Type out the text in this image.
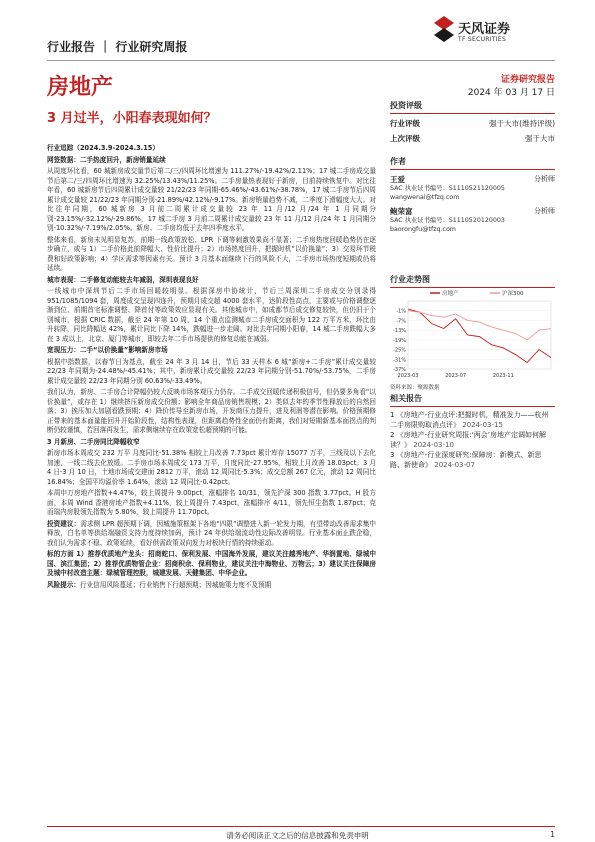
行业报告 ｜ 行业研究周报
天风证券
TF SECURITIES
房地产	证券研究报告
2024 年 03 月 17 日
3 月过半，小阳春表现如何？

行业追踪（2024.3.9-2024.3.15）

网签数据：二手热度回升，新房销量延续

从周度环比看，60 城新房成交量节后第二/三/四周环比增速为 111.27%/-19.42%/2.11%；17 城二手房成交量节后第二/三/四周环比增速为 32.25%/13.43%/11.25%。二手房量热表现好于新房，目前持续恢复中。对比往年看，60 城新房节后四周累计成交量较 21/22/23 年同期-65.46%/-43.61%/-38.78%，17 城二手房节后四周累计成交量较 21/22/23 年同期分别-21.89%/42.12%/-9.17%。新房销量趋势不减，二季度下滑幅度大大。对比往年同期，60 城新房 3 月前二周累计成交量较 23 年 11 月/12 月/24 年 1 月同期分别-23.15%/-32.12%/-29.86%，17 城二手房 3 月前二周累计成交量较 23 年 11 月/12 月/24 年 1 月同期分别-10.32%/-7.19%/2.05%。新房、二手房均低于去年四季度水平。

整体来看，新房未见明显复苏，前期一线政策放松、LPR 下调等刺激效果尚不显著；二手房热度回暖趋势仍在逐步确立，或与 1）二手价格此前降幅大、性价比提升；2）市场热度回升，把握时机“以价换量”；3）交易环节税费和好政策影响；4）学区需求等因素有关。预计 3 月基本面继续下行的风险不大，二手房市场热度短期或仍将延续。

城市表现：二手修复动能较去年减弱，深圳表现良好

一线城市中深圳节后二手市场回暖较明显。根据深房中协统计，节后三周深圳二手房成交分别录得 951/1085/1094 套，周度成交呈现四连升，预期月成交超 4000 套水平，达阶段性高点，主要或与价格调整逐渐到位、前期首宅标准调整、降首付等政策效应显现有关。其他城市中，如成都节后成交修复较快，但仍旧于个别城市，根据 CRIC 数据，截至 24 年第 10 周，14 个重点监测城市二手房成交面积为 122 万平方米，环比由升转降，同比降幅达 42%，累计同比下降 14%，跌幅进一步走阔。对比去年同期小阳春，14 城二手房跌幅大多在 3 成以上，北京、厦门等城市，即较去年二手市场提供的修复动能在减弱。

宽现压力：二手“以价换量”影响新房市场

根据中指数据，以春节日为基点，截至 24 年 3 月 14 日，节后 33 天样本 6 城“新房+二手房”累计成交量较 22/23 年同期为-24.48%/-45.41%；其中，新房累计成交量较 22/23 年同期分别-51.70%/-53.75%，二手房累计成交量较 22/23 年同期分别 60.63%/-33.49%。

我们认为，新房、二手房合计降幅仍较大反映市场客观压力仍存。二手成交回暖传递积极信号，但仍要多角看“以价换量”，或存在 1）继续挤压新房成交份额；影响全年商品房销售规模；2）类似去年的季节性释放后的自然回落；3）挨压加大加剧看跌预期；4）降价传导至新房市场，开发商压力提升，进及利润等潜在影响。价格预期修正带来的基本面量能回升开始阶段性，结构性表现，但距离趋势性全面仍有距离，我们对短期新基本面拐点的判断仍较谨慎，若回落再发生，需求侧继续存在政策宽松超预期的可能。

3 月新房、二手房同比降幅收窄

新房市场本周成交 232 万平 月度同比-51.38% 相较上月改善 7.73pct 累计库存 15077 万平，三线及以下去化加速，一线二线去化放缓。二手房市场本周成交 173 万平，月度同比-27.95%，相较上月改善 18.03pct。3 月 4 日-3 月 10 日，土地市场成交建面 2812 万平，滚动 12 周同比-5.3%；成交总额 267 亿元，滚动 12 周同比 16.84%；全国平均溢价率 1.64%，滚动 12 周同比-0.42pct。

本周申万房地产指数+4.47%，较上周提升 9.00pct，涨幅排名 10/31，领先沪深 300 指数 3.77pct。H 股方面，本周 Wind 香港房地产指数+4.11%，较上周提升 7.43pct，涨幅排序 4/11，领先恒生指数 1.87pct；克而瑞内房股领先指数为 5.80%，较上周提升 11.70pct。

投资建议：需求侧 LPR 超预期下调，因城施策框架下各地“四限”调整进入新一轮发力期，有望带动改善需求集中释放，白名单等供给端融资支持力度持续加码，预计 24 年供给端流动性边际改善明显。行业基本面止跌企稳，我们认为需求不稳、政策延续，看好供需政策双向发力对板块行情的持续驱动。

标的方面 1）推荐优质地产龙头：招商蛇口、保利发展、中国海外发展，建议关注越秀地产、华润置地、绿城中国、滨江集团；2）推荐优质物管企业：招商积余、保利物业，建议关注中海物业、万物云；3）建议关注保障房及城中村改造主题：绿城管理控股，城建发展、天健集团、中华企业。

风险提示：行业信用风险蔓延；行业销售下行超预期；因城施策力度不及预期

投资评级
行业评级	强于大市(维持评级)
上次评级	强于大市
作者
王爱	分析师
SAC 执业证书编号：S1110521120005
wangwenai@tfzq.com
鲍荣富	分析师
SAC 执业证书编号：S1110520120003
baorongfu@tfzq.com
行业走势图
-1%
-7%
-13%
-19%
-25%
-31%
-37%
2023-03	2023-07	2023-11
房地产	沪深300
资料来源：聚源数据
相关报告
1 《房地产-行业点评:把握时机，精准发力——杭州二手房限购取消点评》 2024-03-15
2 《房地产-行业研究周报:‘两会’房地产定调如何解读？》 2024-03-10
3 《房地产-行业深度研究:保障房：新模式、新思路、新使命》 2024-03-07
请务必阅读正文之后的信息披露和免责申明	1
